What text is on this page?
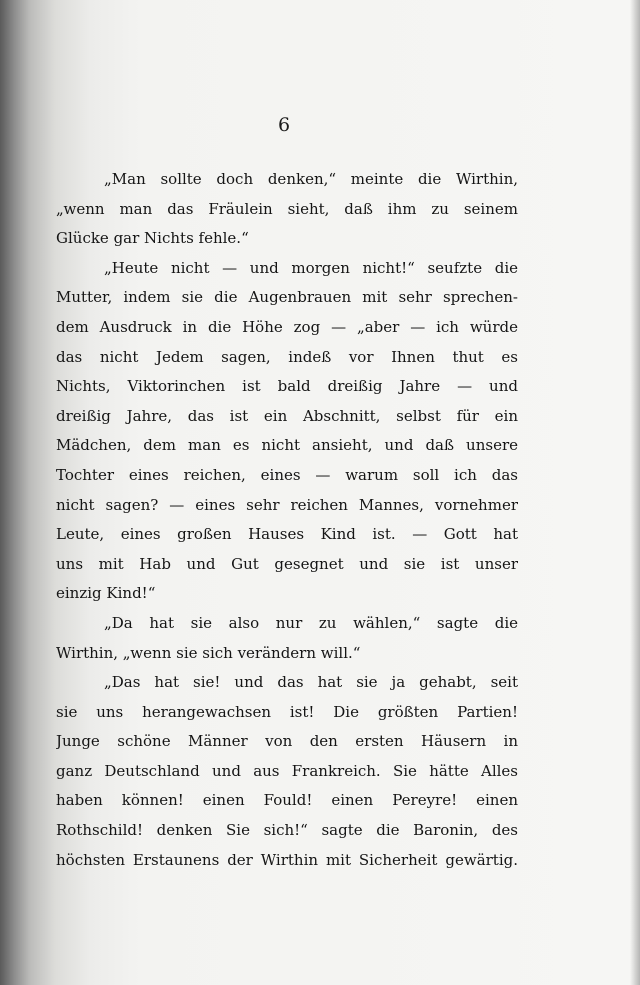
6
„Man sollte doch denken,“ meinte die Wirthin,
„wenn man das Fräulein sieht, daß ihm zu seinem
Glücke gar Nichts fehle.“
„Heute nicht — und morgen nicht!“ seufzte die
Mutter, indem sie die Augenbrauen mit sehr sprechen-
dem Ausdruck in die Höhe zog — „aber — ich würde
das nicht Jedem sagen, indeß vor Ihnen thut es
Nichts, Viktorinchen ist bald dreißig Jahre — und
dreißig Jahre, das ist ein Abschnitt, selbst für ein
Mädchen, dem man es nicht ansieht, und daß unsere
Tochter eines reichen, eines — warum soll ich das
nicht sagen? — eines sehr reichen Mannes, vornehmer
Leute, eines großen Hauses Kind ist. — Gott hat
uns mit Hab und Gut gesegnet und sie ist unser
einzig Kind!“
„Da hat sie also nur zu wählen,“ sagte die
Wirthin, „wenn sie sich verändern will.“
„Das hat sie! und das hat sie ja gehabt, seit
sie uns herangewachsen ist! Die größten Partien!
Junge schöne Männer von den ersten Häusern in
ganz Deutschland und aus Frankreich. Sie hätte Alles
haben können! einen Fould! einen Pereyre! einen
Rothschild! denken Sie sich!“ sagte die Baronin, des
höchsten Erstaunens der Wirthin mit Sicherheit gewärtig.
